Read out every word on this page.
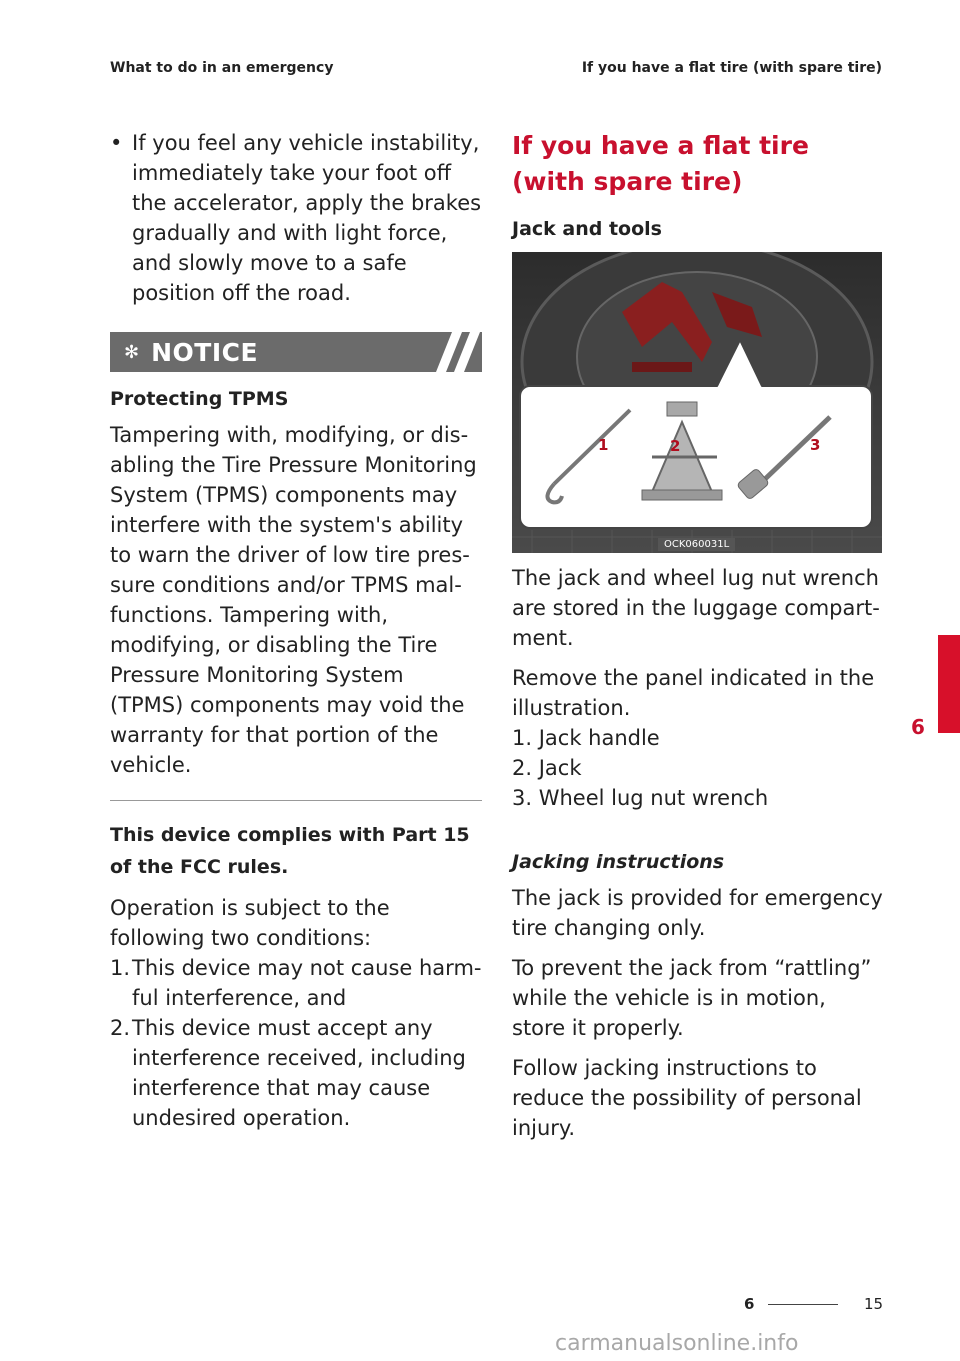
What to do in an emergency	If you have a flat tire (with spare tire)
• If you feel any vehicle instability, immediately take your foot off the accelerator, apply the brakes gradually and with light force, and slowly move to a safe position off the road.
✻ NOTICE
Protecting TPMS
Tampering with, modifying, or dis-abling the Tire Pressure Monitoring System (TPMS) components may interfere with the system's ability to warn the driver of low tire pres-sure conditions and/or TPMS mal-functions. Tampering with, modifying, or disabling the Tire Pressure Monitoring System (TPMS) components may void the warranty for that portion of the vehicle.
This device complies with Part 15 of the FCC rules.
Operation is subject to the following two conditions:
1. This device may not cause harm-ful interference, and
2. This device must accept any interference received, including interference that may cause undesired operation.
If you have a flat tire (with spare tire)
Jack and tools
1	2	3
OCK060031L
The jack and wheel lug nut wrench are stored in the luggage compart-ment.
Remove the panel indicated in the illustration.
1. Jack handle
2. Jack
3. Wheel lug nut wrench
Jacking instructions
The jack is provided for emergency tire changing only.
To prevent the jack from “rattling” while the vehicle is in motion, store it properly.
Follow jacking instructions to reduce the possibility of personal injury.
6
6	15
carmanualsonline.info
